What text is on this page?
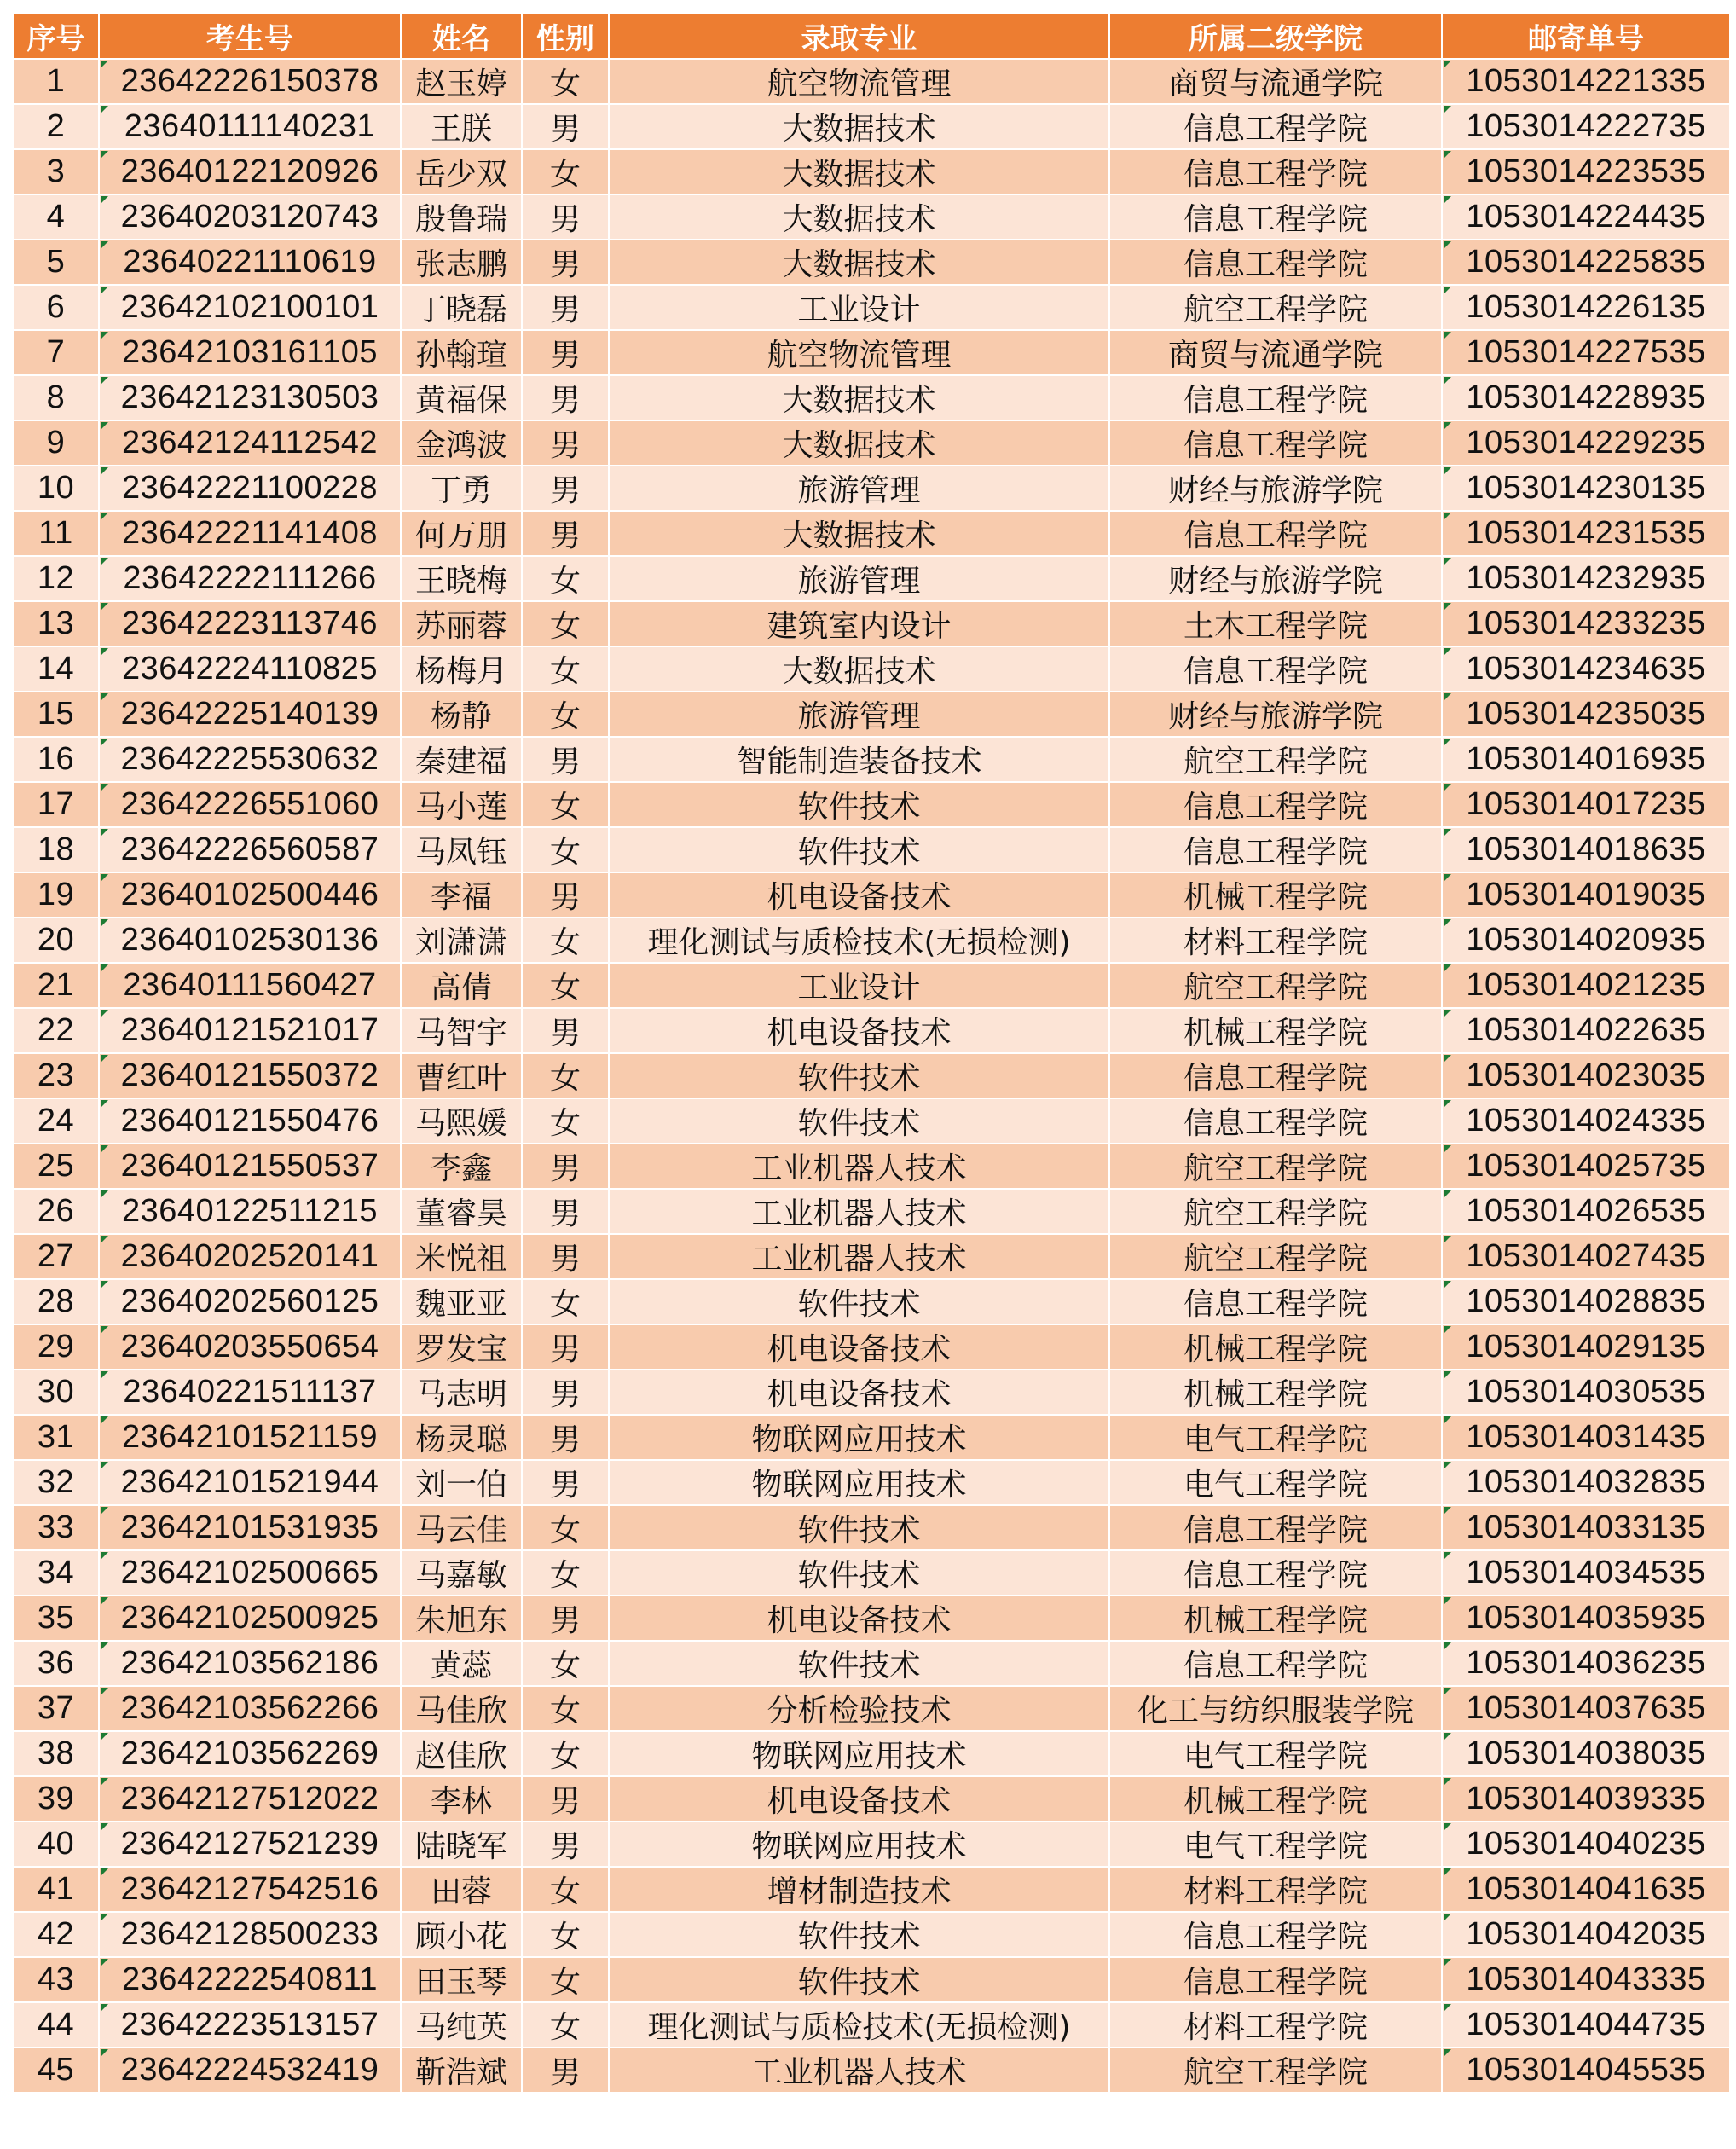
序号	考生号	姓名	性别	录取专业	所属二级学院	邮寄单号
1	23642226150378	赵玉婷	女	航空物流管理	商贸与流通学院	1053014221335
2	23640111140231	王朕	男	大数据技术	信息工程学院	1053014222735
3	23640122120926	岳少双	女	大数据技术	信息工程学院	1053014223535
4	23640203120743	殷鲁瑞	男	大数据技术	信息工程学院	1053014224435
5	23640221110619	张志鹏	男	大数据技术	信息工程学院	1053014225835
6	23642102100101	丁晓磊	男	工业设计	航空工程学院	1053014226135
7	23642103161105	孙翰瑄	男	航空物流管理	商贸与流通学院	1053014227535
8	23642123130503	黄福保	男	大数据技术	信息工程学院	1053014228935
9	23642124112542	金鸿波	男	大数据技术	信息工程学院	1053014229235
10	23642221100228	丁勇	男	旅游管理	财经与旅游学院	1053014230135
11	23642221141408	何万朋	男	大数据技术	信息工程学院	1053014231535
12	23642222111266	王晓梅	女	旅游管理	财经与旅游学院	1053014232935
13	23642223113746	苏丽蓉	女	建筑室内设计	土木工程学院	1053014233235
14	23642224110825	杨梅月	女	大数据技术	信息工程学院	1053014234635
15	23642225140139	杨静	女	旅游管理	财经与旅游学院	1053014235035
16	23642225530632	秦建福	男	智能制造装备技术	航空工程学院	1053014016935
17	23642226551060	马小莲	女	软件技术	信息工程学院	1053014017235
18	23642226560587	马凤钰	女	软件技术	信息工程学院	1053014018635
19	23640102500446	李福	男	机电设备技术	机械工程学院	1053014019035
20	23640102530136	刘潇潇	女	理化测试与质检技术(无损检测)	材料工程学院	1053014020935
21	23640111560427	高倩	女	工业设计	航空工程学院	1053014021235
22	23640121521017	马智宇	男	机电设备技术	机械工程学院	1053014022635
23	23640121550372	曹红叶	女	软件技术	信息工程学院	1053014023035
24	23640121550476	马熙媛	女	软件技术	信息工程学院	1053014024335
25	23640121550537	李鑫	男	工业机器人技术	航空工程学院	1053014025735
26	23640122511215	董睿昊	男	工业机器人技术	航空工程学院	1053014026535
27	23640202520141	米悦祖	男	工业机器人技术	航空工程学院	1053014027435
28	23640202560125	魏亚亚	女	软件技术	信息工程学院	1053014028835
29	23640203550654	罗发宝	男	机电设备技术	机械工程学院	1053014029135
30	23640221511137	马志明	男	机电设备技术	机械工程学院	1053014030535
31	23642101521159	杨灵聪	男	物联网应用技术	电气工程学院	1053014031435
32	23642101521944	刘一伯	男	物联网应用技术	电气工程学院	1053014032835
33	23642101531935	马云佳	女	软件技术	信息工程学院	1053014033135
34	23642102500665	马嘉敏	女	软件技术	信息工程学院	1053014034535
35	23642102500925	朱旭东	男	机电设备技术	机械工程学院	1053014035935
36	23642103562186	黄蕊	女	软件技术	信息工程学院	1053014036235
37	23642103562266	马佳欣	女	分析检验技术	化工与纺织服装学院	1053014037635
38	23642103562269	赵佳欣	女	物联网应用技术	电气工程学院	1053014038035
39	23642127512022	李林	男	机电设备技术	机械工程学院	1053014039335
40	23642127521239	陆晓军	男	物联网应用技术	电气工程学院	1053014040235
41	23642127542516	田蓉	女	增材制造技术	材料工程学院	1053014041635
42	23642128500233	顾小花	女	软件技术	信息工程学院	1053014042035
43	23642222540811	田玉琴	女	软件技术	信息工程学院	1053014043335
44	23642223513157	马纯英	女	理化测试与质检技术(无损检测)	材料工程学院	1053014044735
45	23642224532419	靳浩斌	男	工业机器人技术	航空工程学院	1053014045535
